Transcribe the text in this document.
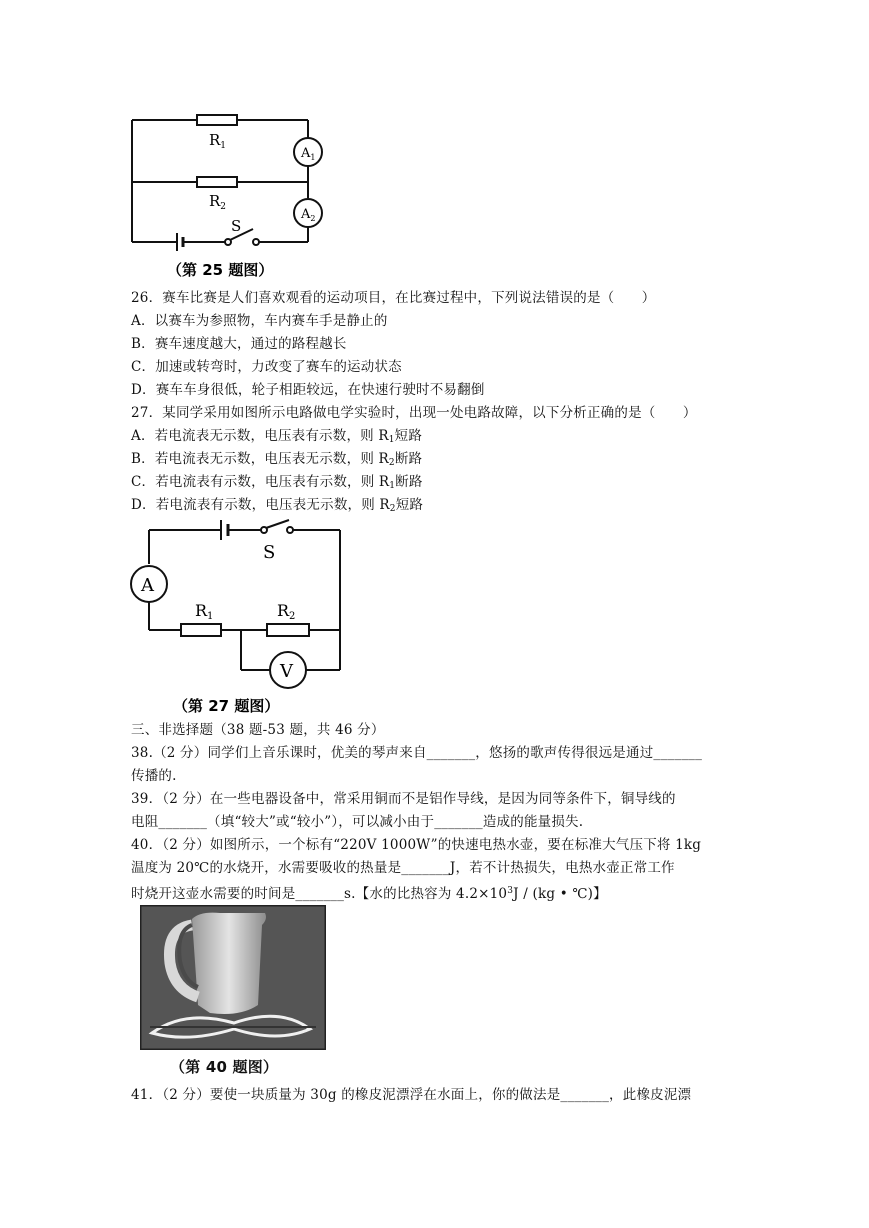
$R_1$
$R_2$
$A_1$
$A_2$
S
（第 25 题图）
26．赛车比赛是人们喜欢观看的运动项目，在比赛过程中，下列说法错误的是（　　）
A．以赛车为参照物，车内赛车手是静止的
B．赛车速度越大，通过的路程越长
C．加速或转弯时，力改变了赛车的运动状态
D．赛车车身很低，轮子相距较远，在快速行驶时不易翻倒
27．某同学采用如图所示电路做电学实验时，出现一处电路故障，以下分析正确的是（　　）
A．若电流表无示数，电压表有示数，则 $R_1$短路
B．若电流表无示数，电压表无示数，则 $R_2$断路
C．若电流表有示数，电压表有示数，则 $R_1$断路
D．若电流表有示数，电压表无示数，则 $R_2$短路
A
V
S
R1	R2
（第 27 题图）
三、非选择题（38 题-53 题，共 46 分）
38.（2 分）同学们上音乐课时，优美的琴声来自_______，悠扬的歌声传得很远是通过_______
传播的.
39．（2 分）在一些电器设备中，常采用铜而不是铝作导线，是因为同等条件下，铜导线的
电阻_______（填“较大”或“较小”），可以减小由于_______造成的能量损失.
40．（2 分）如图所示，一个标有“220V 1000W”的快速电热水壶，要在标准大气压下将 1kg
温度为 20℃的水烧开，水需要吸收的热量是_______J，若不计热损失，电热水壶正常工作
时烧开这壶水需要的时间是_______s.【水的比热容为 $4.2\times 10^3J / (kg$ • ℃)】
（第 40 题图）
41．（2 分）要使一块质量为 30g 的橡皮泥漂浮在水面上，你的做法是_______，此橡皮泥漂
